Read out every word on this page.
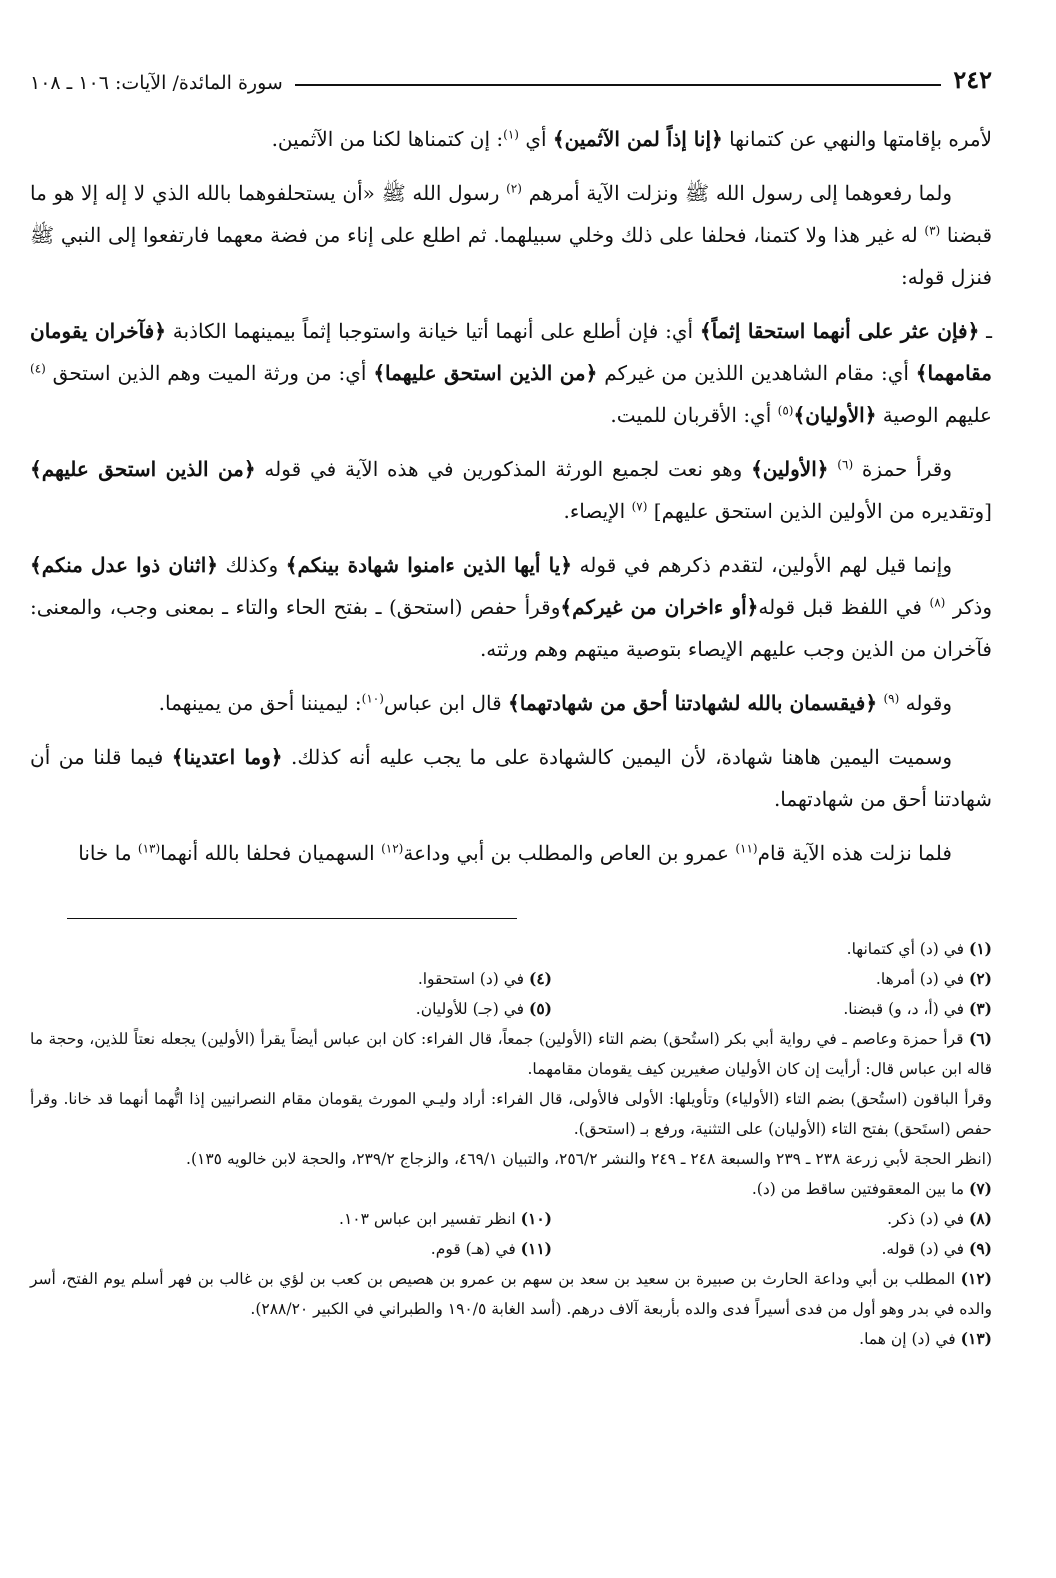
٢٤٢
سورة المائدة/ الآيات: ١٠٦ ـ ١٠٨

لأمره بإقامتها والنهي عن كتمانها ﴿إنا إذاً لمن الآثمين﴾ أي $^{(١)}$: إن كتمناها لكنا من الآثمين.

ولما رفعوهما إلى رسول الله ﷺ ونزلت الآية أمرهم $^{(٢)}$ رسول الله ﷺ «أن يستحلفوهما بالله الذي لا إله إلا هو ما قبضنا $^{(٣)}$ له غير هذا ولا كتمنا، فحلفا على ذلك وخلي سبيلهما. ثم اطلع على إناء من فضة معهما فارتفعوا إلى النبي ﷺ فنزل قوله:

ـ ﴿فإن عثر على أنهما استحقا إثماً﴾ أي: فإن أطلع على أنهما أتيا خيانة واستوجبا إثماً بيمينهما الكاذبة ﴿فآخران يقومان مقامهما﴾ أي: مقام الشاهدين اللذين من غيركم ﴿من الذين استحق عليهما﴾ أي: من ورثة الميت وهم الذين استحق $^{(٤)}$ عليهم الوصية ﴿الأوليان﴾$^{(٥)}$ أي: الأقربان للميت.

وقرأ حمزة $^{(٦)}$ ﴿الأولين﴾ وهو نعت لجميع الورثة المذكورين في هذه الآية في قوله ﴿من الذين استحق عليهم﴾ [وتقديره من الأولين الذين استحق عليهم] $^{(٧)}$ الإيصاء.

وإنما قيل لهم الأولين، لتقدم ذكرهم في قوله ﴿يا أيها الذين ءامنوا شهادة بينكم﴾ وكذلك ﴿اثنان ذوا عدل منكم﴾ وذكر $^{(٨)}$ في اللفظ قبل قوله﴿أو ءاخران من غيركم﴾وقرأ حفص (استحق) ـ بفتح الحاء والتاء ـ بمعنى وجب، والمعنى: فآخران من الذين وجب عليهم الإيصاء بتوصية ميتهم وهم ورثته.

وقوله $^{(٩)}$ ﴿فيقسمان بالله لشهادتنا أحق من شهادتهما﴾ قال ابن عباس$^{(١٠)}$: ليميننا أحق من يمينهما.

وسميت اليمين هاهنا شهادة، لأن اليمين كالشهادة على ما يجب عليه أنه كذلك. ﴿وما اعتدينا﴾ فيما قلنا من أن شهادتنا أحق من شهادتهما.

فلما نزلت هذه الآية قام$^{(١١)}$ عمرو بن العاص والمطلب بن أبي وداعة$^{(١٢)}$ السهميان فحلفا بالله أنهما$^{(١٣)}$ ما خانا

(١) في (د) أي كتمانها.

(٢) في (د) أمرها.

(٤) في (د) استحقوا.

(٣) في (أ، د، و) قبضنا.

(٥) في (جـ) للأوليان.

(٦) قرأ حمزة وعاصم ـ في رواية أبي بكر (استُحق) بضم التاء (الأولين) جمعاً، قال الفراء: كان ابن عباس أيضاً يقرأ (الأولين) يجعله نعتاً للذين، وحجة ما قاله ابن عباس قال: أرأيت إن كان الأوليان صغيرين كيف يقومان مقامهما.

وقرأ الباقون (استُحق) بضم التاء (الأولياء) وتأويلها: الأولى فالأولى، قال الفراء: أراد وليـي المورث يقومان مقام النصرانيين إذا اتُّهما أنهما قد خانا. وقرأ حفص (استَحق) بفتح التاء (الأوليان) على التثنية، ورفع بـ (استحق).

(انظر الحجة لأبي زرعة ٢٣٨ ـ ٢٣٩ والسبعة ٢٤٨ ـ ٢٤٩ والنشر ٢٥٦/٢، والتبيان ٤٦٩/١، والزجاج ٢٣٩/٢، والحجة لابن خالويه ١٣٥).

(٧) ما بين المعقوفتين ساقط من (د).

(٨) في (د) ذكر.

(١٠) انظر تفسير ابن عباس ١٠٣.

(٩) في (د) قوله.

(١١) في (هـ) قوم.

(١٢) المطلب بن أبي وداعة الحارث بن صبيرة بن سعيد بن سعد بن سهم بن عمرو بن هصيص بن كعب بن لؤي بن غالب بن فهر أسلم يوم الفتح، أسر والده في بدر وهو أول من فدى أسيراً فدى والده بأربعة آلاف درهم. (أسد الغابة ١٩٠/٥ والطبراني في الكبير ٢٨٨/٢٠).

(١٣) في (د) إن هما.
